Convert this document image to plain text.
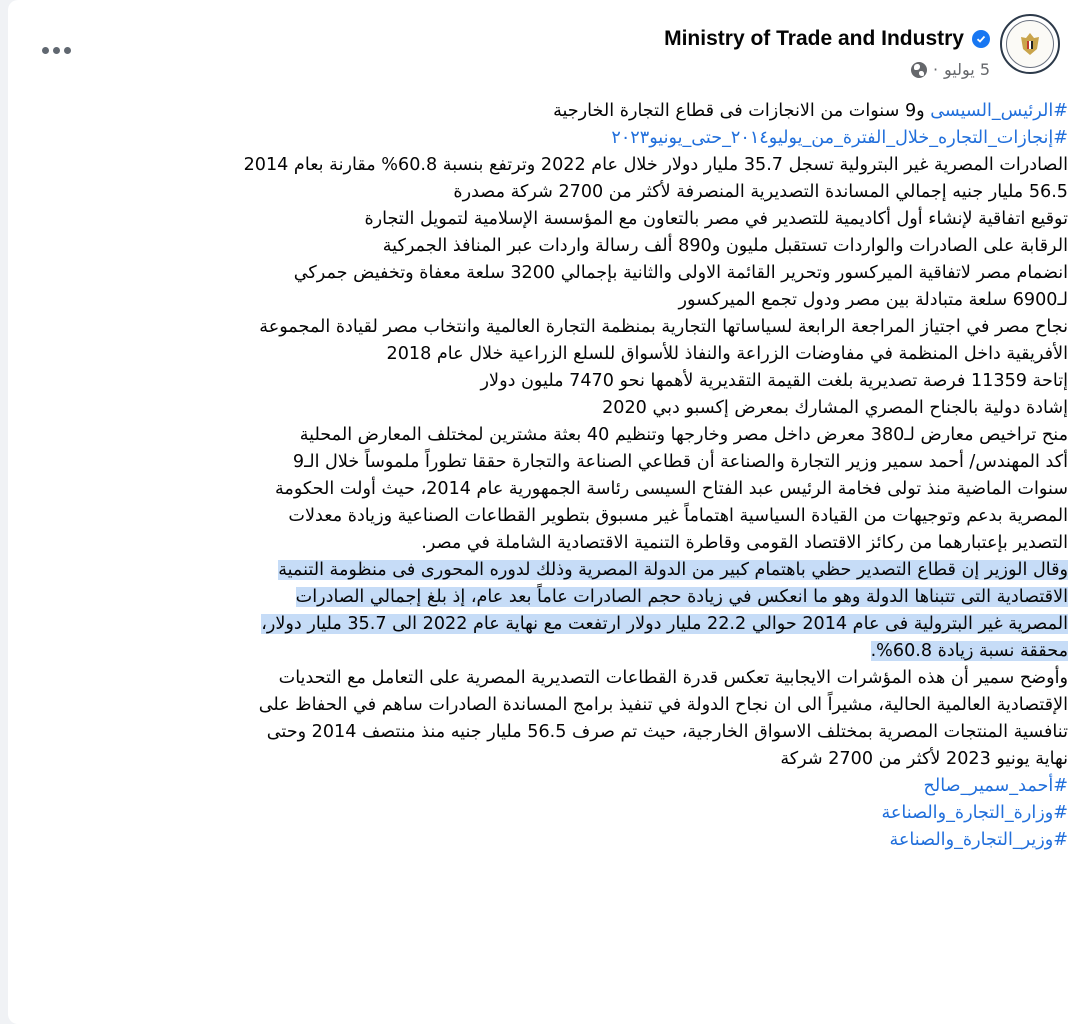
Ministry of Trade and Industry
5 يوليو
·
#الرئيس_السيسى و9 سنوات من الانجازات فى قطاع التجارة الخارجية
#إنجازات_التجاره_خلال_الفترة_من_يوليو٢٠١٤_حتى_يونيو٢٠٢٣
الصادرات المصرية غير البترولية تسجل 35.7 مليار دولار خلال عام 2022 وترتفع بنسبة 60.8% مقارنة بعام 2014
56.5 مليار جنيه إجمالي المساندة التصديرية المنصرفة لأكثر من 2700 شركة مصدرة
توقيع اتفاقية لإنشاء أول أكاديمية للتصدير في مصر بالتعاون مع المؤسسة الإسلامية لتمويل التجارة
الرقابة على الصادرات والواردات تستقبل مليون و890 ألف رسالة واردات عبر المنافذ الجمركية
انضمام مصر لاتفاقية الميركسور وتحرير القائمة الاولى والثانية بإجمالي 3200 سلعة معفاة وتخفيض جمركي
لـ6900 سلعة متبادلة بين مصر ودول تجمع الميركسور
نجاح مصر في اجتياز المراجعة الرابعة لسياساتها التجارية بمنظمة التجارة العالمية وانتخاب مصر لقيادة المجموعة
الأفريقية داخل المنظمة في مفاوضات الزراعة والنفاذ للأسواق للسلع الزراعية خلال عام 2018
إتاحة 11359 فرصة تصديرية بلغت القيمة التقديرية لأهمها نحو 7470 مليون دولار
إشادة دولية بالجناح المصري المشارك بمعرض إكسبو دبي 2020
منح تراخيص معارض لـ380 معرض داخل مصر وخارجها وتنظيم 40 بعثة مشترين لمختلف المعارض المحلية
أكد المهندس/ أحمد سمير وزير التجارة والصناعة أن قطاعي الصناعة والتجارة حققا تطوراً ملموساً خلال الـ9
سنوات الماضية منذ تولى فخامة الرئيس عبد الفتاح السيسى رئاسة الجمهورية عام 2014، حيث أولت الحكومة
المصرية بدعم وتوجيهات من القيادة السياسية اهتماماً غير مسبوق بتطوير القطاعات الصناعية وزيادة معدلات
التصدير بإعتبارهما من ركائز الاقتصاد القومى وقاطرة التنمية الاقتصادية الشاملة في مصر.
وقال الوزير إن قطاع التصدير حظي باهتمام كبير من الدولة المصرية وذلك لدوره المحورى فى منظومة التنمية
الاقتصادية التى تتبناها الدولة وهو ما انعكس في زيادة حجم الصادرات عاماً بعد عام، إذ بلغ إجمالي الصادرات
المصرية غير البترولية فى عام 2014 حوالي 22.2 مليار دولار ارتفعت مع نهاية عام 2022 الى 35.7 مليار دولار،
محققة نسبة زيادة 60.8%.
وأوضح سمير أن هذه المؤشرات الايجابية تعكس قدرة القطاعات التصديرية المصرية على التعامل مع التحديات
الإقتصادية العالمية الحالية، مشيراً الى ان نجاح الدولة في تنفيذ برامج المساندة الصادرات ساهم في الحفاظ على
تنافسية المنتجات المصرية بمختلف الاسواق الخارجية، حيث تم صرف 56.5 مليار جنيه منذ منتصف 2014 وحتى
نهاية يونيو 2023 لأكثر من 2700 شركة
#أحمد_سمير_صالح
#وزارة_التجارة_والصناعة
#وزير_التجارة_والصناعة
